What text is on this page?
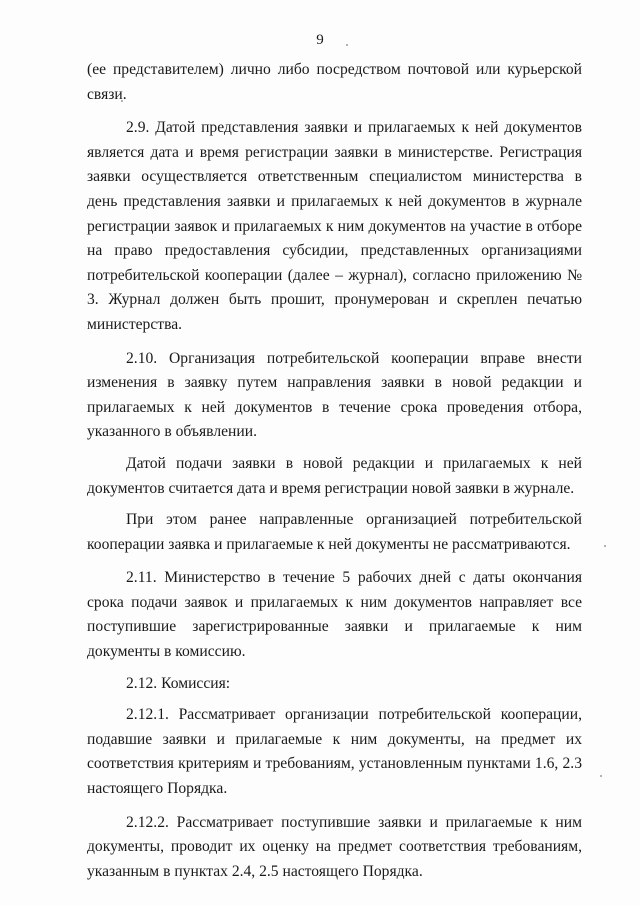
9

(ее представителем) лично либо посредством почтовой или курьерской связи.

2.9. Датой представления заявки и прилагаемых к ней документов является дата и время регистрации заявки в министерстве. Регистрация заявки осуществляется ответственным специалистом министерства в день представления заявки и прилагаемых к ней документов в журнале регистрации заявок и прилагаемых к ним документов на участие в отборе на право предоставления субсидии, представленных организациями потребительской кооперации (далее – журнал), согласно приложению № 3. Журнал должен быть прошит, пронумерован и скреплен печатью министерства.

2.10. Организация потребительской кооперации вправе внести изменения в заявку путем направления заявки в новой редакции и прилагаемых к ней документов в течение срока проведения отбора, указанного в объявлении.

Датой подачи заявки в новой редакции и прилагаемых к ней документов считается дата и время регистрации новой заявки в журнале.

При этом ранее направленные организацией потребительской кооперации заявка и прилагаемые к ней документы не рассматриваются.

2.11. Министерство в течение 5 рабочих дней с даты окончания срока подачи заявок и прилагаемых к ним документов направляет все поступившие зарегистрированные заявки и прилагаемые к ним документы в комиссию.

2.12. Комиссия:

2.12.1. Рассматривает организации потребительской кооперации, подавшие заявки и прилагаемые к ним документы, на предмет их соответствия критериям и требованиям, установленным пунктами 1.6, 2.3 настоящего Порядка.

2.12.2. Рассматривает поступившие заявки и прилагаемые к ним документы, проводит их оценку на предмет соответствия требованиям, указанным в пунктах 2.4, 2.5 настоящего Порядка.
